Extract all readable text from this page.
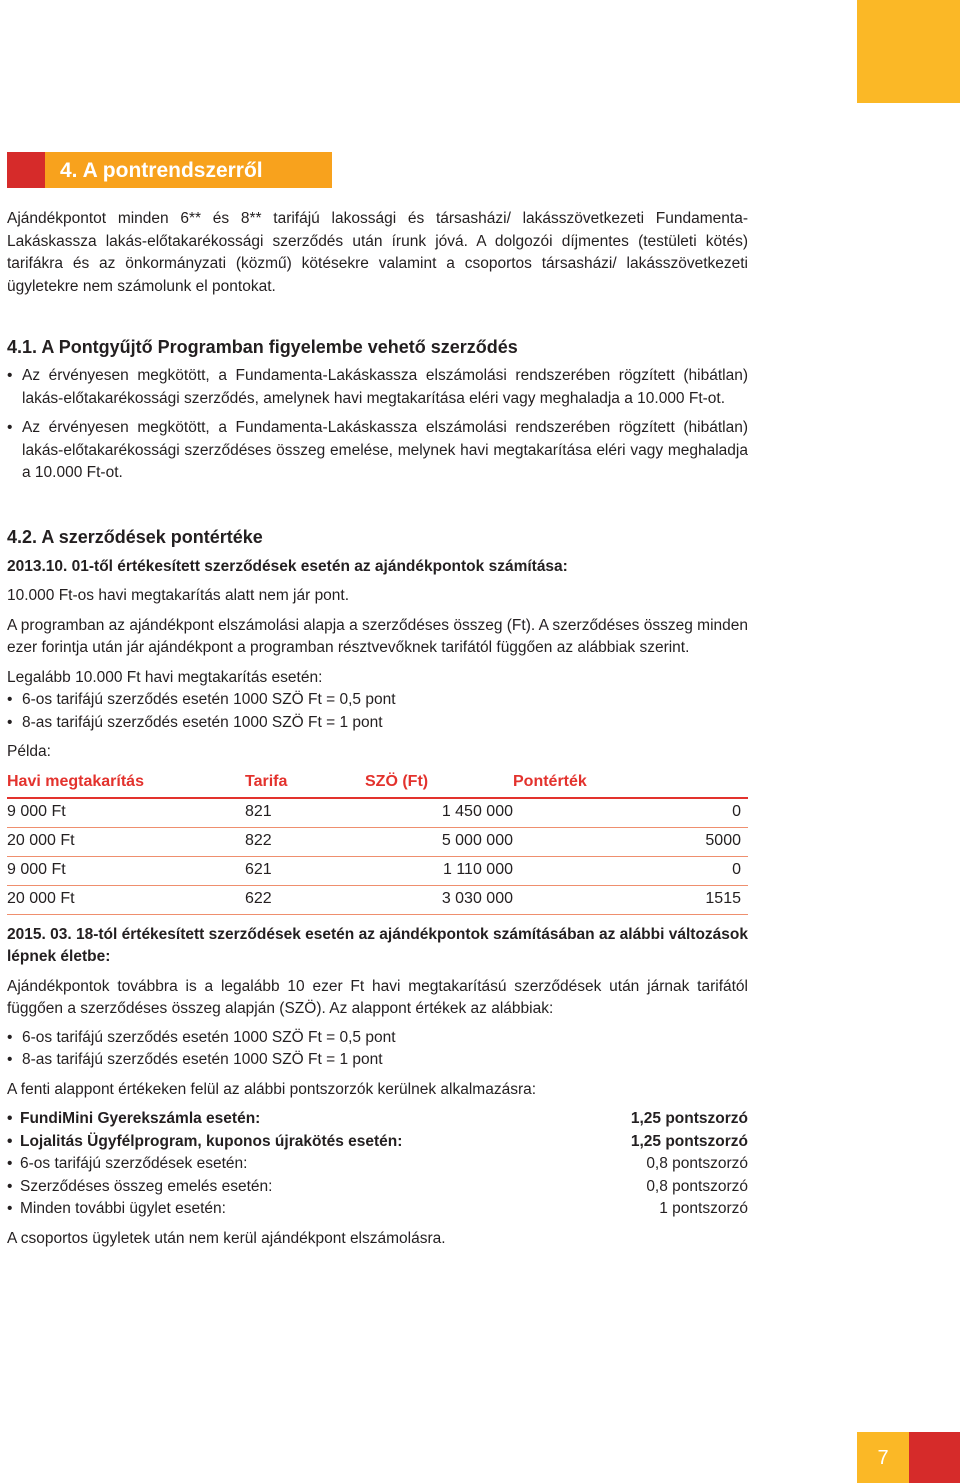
4. A pontrendszerről

Ajándékpontot minden 6** és 8** tarifájú lakossági és társasházi/ lakásszövetkezeti Fundamenta-Lakáskassza lakás-előtakarékossági szerződés után írunk jóvá. A dolgozói díjmentes (testületi kötés) tarifákra és az önkormányzati (közmű) kötésekre valamint a csoportos társasházi/ lakásszövetkezeti ügyletekre nem számolunk el pontokat.

4.1. A Pontgyűjtő Programban figyelembe vehető szerződés
• Az érvényesen megkötött, a Fundamenta-Lakáskassza elszámolási rendszerében rögzített (hibátlan) lakás-előtakarékossági szerződés, amelynek havi megtakarítása eléri vagy meghaladja a 10.000 Ft-ot.
• Az érvényesen megkötött, a Fundamenta-Lakáskassza elszámolási rendszerében rögzített (hibátlan) lakás-előtakarékossági szerződéses összeg emelése, melynek havi megtakarítása eléri vagy meghaladja a 10.000 Ft-ot.
4.2. A szerződések pontértéke

2013.10. 01-től értékesített szerződések esetén az ajándékpontok számítása:

10.000 Ft-os havi megtakarítás alatt nem jár pont.

A programban az ajándékpont elszámolási alapja a szerződéses összeg (Ft). A szerződéses összeg minden ezer forintja után jár ajándékpont a programban résztvevőknek tarifától függően az alábbiak szerint.

Legalább 10.000 Ft havi megtakarítás esetén:

• 6-os tarifájú szerződés esetén 1000 SZÖ Ft = 0,5 pont
• 8-as tarifájú szerződés esetén 1000 SZÖ Ft = 1 pont

Példa:

Havi megtakarítás	Tarifa	SZÖ (Ft)	Pontérték
9 000 Ft	821	1 450 000	0
20 000 Ft	822	5 000 000	5000
9 000 Ft	621	1 110 000	0
20 000 Ft	622	3 030 000	1515

2015. 03. 18-tól értékesített szerződések esetén az ajándékpontok számításában az alábbi változások lépnek életbe:

Ajándékpontok továbbra is a legalább 10 ezer Ft havi megtakarítású szerződések után járnak tarifától függően a szerződéses összeg alapján (SZÖ). Az alappont értékek az alábbiak:

• 6-os tarifájú szerződés esetén 1000 SZÖ Ft = 0,5 pont
• 8-as tarifájú szerződés esetén 1000 SZÖ Ft = 1 pont

A fenti alappont értékeken felül az alábbi pontszorzók kerülnek alkalmazásra:

• FundiMini Gyerekszámla esetén:	1,25 pontszorzó
• Lojalitás Ügyfélprogram, kuponos újrakötés esetén:	1,25 pontszorzó
• 6-os tarifájú szerződések esetén:	0,8 pontszorzó
• Szerződéses összeg emelés esetén:	0,8 pontszorzó
• Minden további ügylet esetén:	1 pontszorzó

A csoportos ügyletek után nem kerül ajándékpont elszámolásra.

7
